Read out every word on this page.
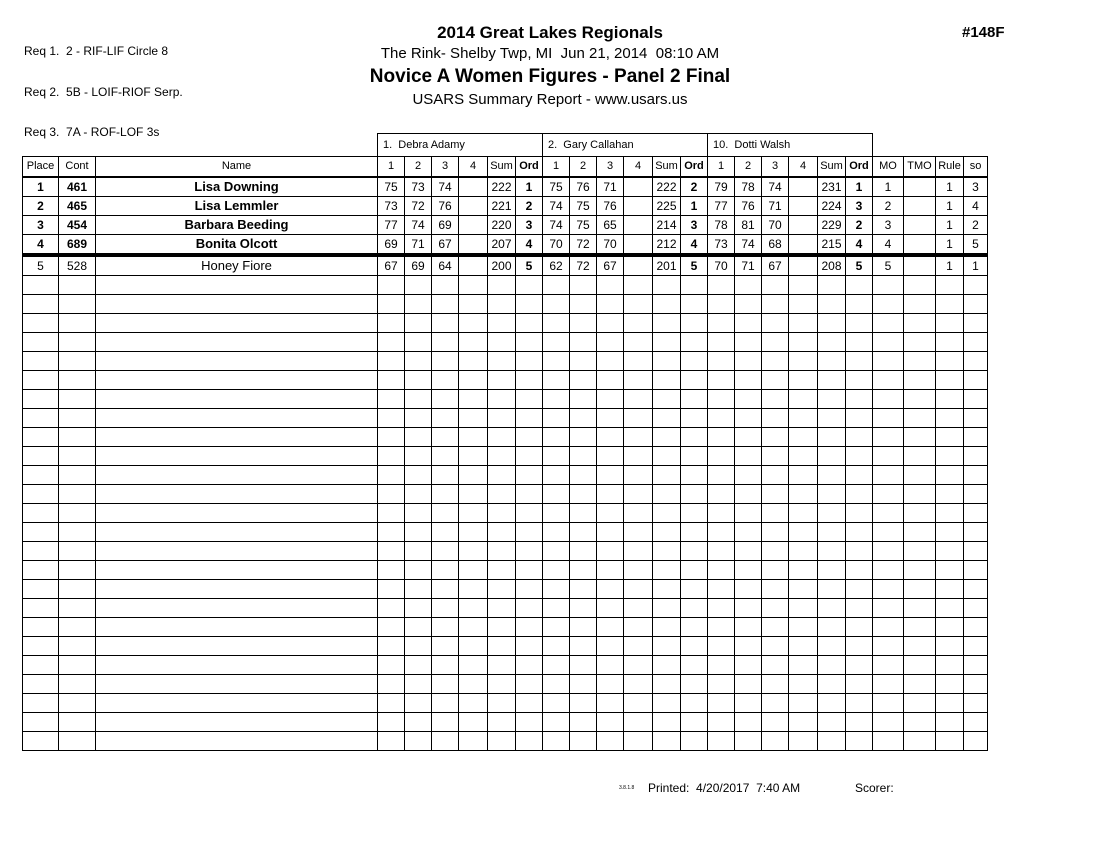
Req 1.  2 - RIF-LIF Circle 8

Req 2.  5B - LOIF-RIOF Serp.

Req 3.  7A - ROF-LOF 3s

2014 Great Lakes Regionals
The Rink- Shelby Twp, MI  Jun 21, 2014  08:10 AM
Novice A Women Figures - Panel 2 Final
USARS Summary Report - www.usars.us
#148F
			1.  Debra Adamy						2.  Gary Callahan						10.  Dotti Walsh									
Place	Cont	Name	1	2	3	4	Sum	Ord	1	2	3	4	Sum	Ord	1	2	3	4	Sum	Ord	MO	TMO	Rule	so
1	461	Lisa Downing	75	73	74		222	1	75	76	71		222	2	79	78	74		231	1	1		1	3
2	465	Lisa Lemmler	73	72	76		221	2	74	75	76		225	1	77	76	71		224	3	2		1	4
3	454	Barbara Beeding	77	74	69		220	3	74	75	65		214	3	78	81	70		229	2	3		1	2
4	689	Bonita Olcott	69	71	67		207	4	70	72	70		212	4	73	74	68		215	4	4		1	5
5	528	Honey Fiore	67	69	64		200	5	62	72	67		201	5	70	71	67		208	5	5		1	1

3.8.1.8 Printed:  4/20/2017  7:40 AM	Scorer:
